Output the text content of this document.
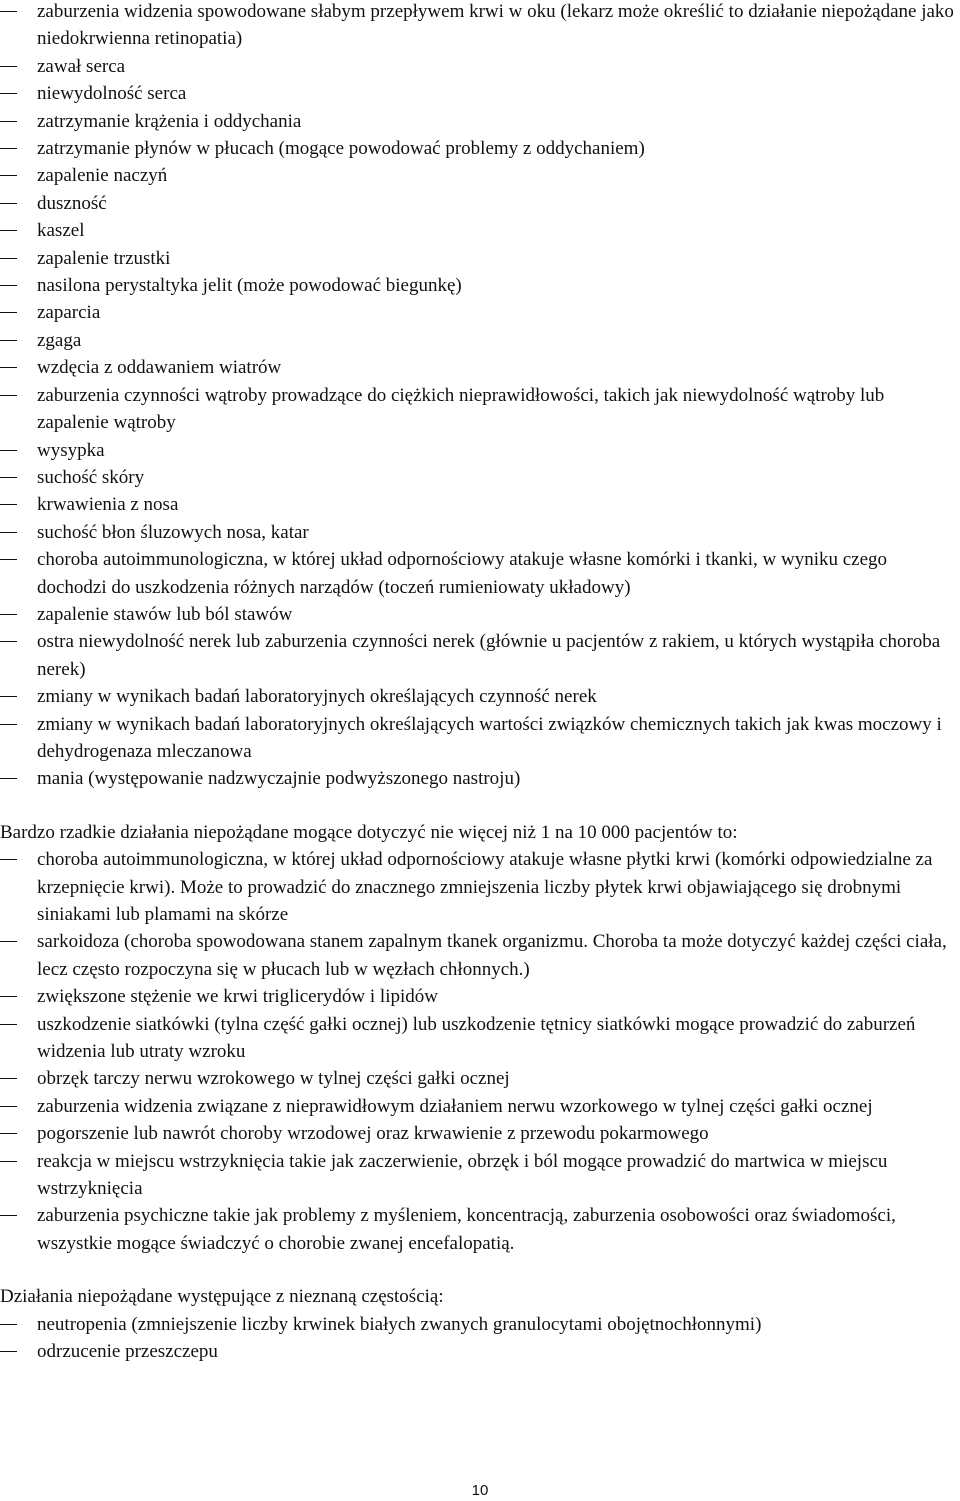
zaburzenia widzenia spowodowane słabym przepływem krwi w oku (lekarz może określić to działanie niepożądane jako niedokrwienna retinopatia)
zawał serca
niewydolność serca
zatrzymanie krążenia i oddychania
zatrzymanie płynów w płucach (mogące powodować problemy z oddychaniem)
zapalenie naczyń
duszność
kaszel
zapalenie trzustki
nasilona perystaltyka jelit (może powodować biegunkę)
zaparcia
zgaga
wzdęcia z oddawaniem wiatrów
zaburzenia czynności wątroby prowadzące do ciężkich nieprawidłowości, takich jak niewydolność wątroby lub zapalenie wątroby
wysypka
suchość skóry
krwawienia z nosa
suchość błon śluzowych nosa, katar
choroba autoimmunologiczna, w której układ odpornościowy atakuje własne komórki i tkanki, w wyniku czego dochodzi do uszkodzenia różnych narządów (toczeń rumieniowaty układowy)
zapalenie stawów lub ból stawów
ostra niewydolność nerek lub zaburzenia czynności nerek (głównie u pacjentów z rakiem, u których wystąpiła choroba nerek)
zmiany w wynikach badań laboratoryjnych określających czynność nerek
zmiany w wynikach badań laboratoryjnych określających wartości związków chemicznych takich jak kwas moczowy i dehydrogenaza mleczanowa
mania (występowanie nadzwyczajnie podwyższonego nastroju)

Bardzo rzadkie działania niepożądane mogące dotyczyć nie więcej niż 1 na 10 000 pacjentów to:

choroba autoimmunologiczna, w której układ odpornościowy atakuje własne płytki krwi (komórki odpowiedzialne za krzepnięcie krwi). Może to prowadzić do znacznego zmniejszenia liczby płytek krwi objawiającego się drobnymi siniakami lub plamami na skórze
sarkoidoza (choroba spowodowana stanem zapalnym tkanek organizmu. Choroba ta może dotyczyć każdej części ciała, lecz często rozpoczyna się w płucach lub w węzłach chłonnych.)
zwiększone stężenie we krwi triglicerydów i lipidów
uszkodzenie siatkówki (tylna część gałki ocznej) lub uszkodzenie tętnicy siatkówki mogące prowadzić do zaburzeń widzenia lub utraty wzroku
obrzęk tarczy nerwu wzrokowego w tylnej części gałki ocznej
zaburzenia widzenia związane z nieprawidłowym działaniem nerwu wzorkowego w tylnej części gałki ocznej
pogorszenie lub nawrót choroby wrzodowej oraz krwawienie z przewodu pokarmowego
reakcja w miejscu wstrzyknięcia takie jak zaczerwienie, obrzęk i ból mogące prowadzić do martwica w miejscu wstrzyknięcia
zaburzenia psychiczne takie jak problemy z myśleniem, koncentracją, zaburzenia osobowości oraz świadomości, wszystkie mogące świadczyć o chorobie zwanej encefalopatią.

Działania niepożądane występujące z nieznaną częstością:

neutropenia (zmniejszenie liczby krwinek białych zwanych granulocytami obojętnochłonnymi)
odrzucenie przeszczepu
10
